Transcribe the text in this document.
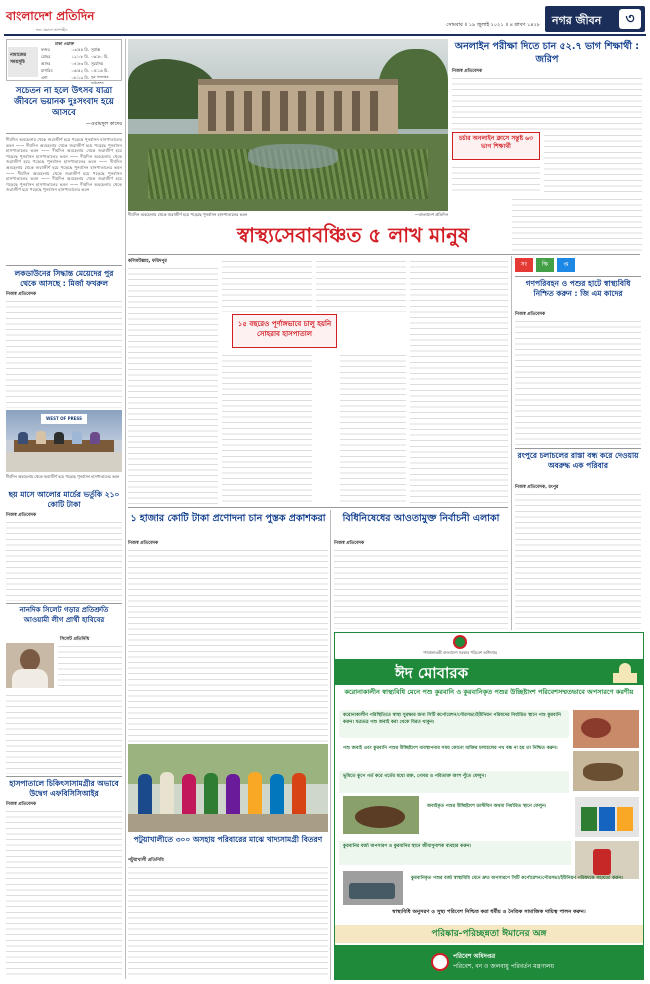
বাংলাদেশ প্রতিদিন
সত্য প্রকাশে আপসহীন
সোমবার ॥ ১৯ জুলাই ২০২১ ॥ ৪ শ্রাবণ ১৪২৮ নগর জীবন	৩
ঢাকা ওয়াক্ত
নামাজের সময়সূচি
ফজর	০৩:৫৫ মি.
যোহর	১২:০৮ মি.
আসর	০৪:৪৩ মি.
মাগরিব	০৬:৫২ মি.
এশা	০৮:১৯ মি.
সূর্যাস্ত
০৬:৫০ মি.
সূর্যোদয়
০৫:১৬ মি.
সূত্র: ইসলামিক ফাউন্ডেশন
সচেতন না হলে উৎসব যাত্রা জীবনে ভয়ানক দুঃসংবাদ হয়ে আসবে
—ওবায়দুল কাদের
দীর্ঘদিন অবহেলায় থেকে জরাজীর্ণ হয়ে পড়েছে পুনর্বাসন হাসপাতালের ভবন —— দীর্ঘদিন অবহেলায় থেকে জরাজীর্ণ হয়ে পড়েছে পুনর্বাসন হাসপাতালের ভবন —— দীর্ঘদিন অবহেলায় থেকে জরাজীর্ণ হয়ে পড়েছে পুনর্বাসন হাসপাতালের ভবন —— দীর্ঘদিন অবহেলায় থেকে জরাজীর্ণ হয়ে পড়েছে পুনর্বাসন হাসপাতালের ভবন —— দীর্ঘদিন অবহেলায় থেকে জরাজীর্ণ হয়ে পড়েছে পুনর্বাসন হাসপাতালের ভবন —— দীর্ঘদিন অবহেলায় থেকে জরাজীর্ণ হয়ে পড়েছে পুনর্বাসন হাসপাতালের ভবন —— দীর্ঘদিন অবহেলায় থেকে জরাজীর্ণ হয়ে পড়েছে পুনর্বাসন হাসপাতালের ভবন —— দীর্ঘদিন অবহেলায় থেকে জরাজীর্ণ হয়ে পড়েছে পুনর্বাসন হাসপাতালের ভবন
লকডাউনের সিদ্ধান্ত মেয়েদের পুর থেকে আসছে : মির্জা ফখরুল
নিজস্ব প্রতিবেদক
WEST OF PRESS
দীর্ঘদিন অবহেলায় থেকে জরাজীর্ণ হয়ে পড়েছে পুনর্বাসন হাসপাতালের ভবন
ছয় মাসে আলোর মার্চের ভর্তুকি ২১০ কোটি টাকা
নিজস্ব প্রতিবেদক
নানদিক সিলেট গড়ার প্রতিশ্রুতি আওয়ামী লীগ প্রার্থী হাবিবের
সিলেট প্রতিনিধি
হাসপাতালে চিকিৎসাসামগ্রীর অভাবে উদ্বেগ এফবিসিসিআইর
নিজস্ব প্রতিবেদক
দীর্ঘদিন অবহেলায় থেকে জরাজীর্ণ হয়ে পড়েছে পুনর্বাসন হাসপাতালের ভবন	—বাংলাদেশ প্রতিদিন
স্বাস্থ্যসেবাবঞ্চিত ৫ লাখ মানুষ
কলিমউল্লাহ, ফরিদপুর
১৫ বছরেও পূর্ণাঙ্গভাবে চালু হয়নি সোহরাব হাসপাতাল
১ হাজার কোটি টাকা প্রণোদনা চান পুস্তক প্রকাশকরা
নিজস্ব প্রতিবেদক
বিধিনিষেধের আওতামুক্ত নির্বাচনী এলাকা
নিজস্ব প্রতিবেদক
অনলাইন পরীক্ষা দিতে চান ৫২.৭ ভাগ শিক্ষার্থী : জরিপ
নিজস্ব প্রতিবেদক
চর্চার অনলাইন ক্লাসে সন্তুষ্ট ৬৩ ভাগ শিক্ষার্থী
সং	ক্ষি	প্ত
গণপরিবহন ও পশুর হাটে স্বাস্থ্যবিধি নিশ্চিত করুন : জি এম কাদের
নিজস্ব প্রতিবেদক
রংপুরে চলাচলের রাস্তা বন্ধ করে দেওয়ায় অবরুদ্ধ এক পরিবার
নিজস্ব প্রতিবেদক, রংপুর
পটুয়াখালীতে ৩০০ অসহায় পরিবারের মাঝে খাদ্যসামগ্রী বিতরণ
পটুয়াখালী প্রতিনিধি
গণপ্রজাতন্ত্রী বাংলাদেশ সরকার পরিবেশ অধিদপ্তর
ঈদ মোবারক
করোনাকালীন স্বাস্থ্যবিধি মেনে পশু কুরবানি ও কুরবানিকৃত পশুর উচ্ছিষ্টাংশ পরিবেশসম্মতভাবে অপসারণে করণীয়
করোনাকালীন পরিস্থিতিতে স্বাস্থ্য সুরক্ষার জন্য সিটি কর্পোরেশন/পৌরসভা/ইউনিয়ন পরিষদের নির্ধারিত স্থানে পশু কুরবানি করুন। যত্রতত্র পশু জবাই করা থেকে বিরত থাকুন।
পশু জবাই এবং কুরবানি পশুর উচ্ছিষ্টাংশ ব্যবস্থাপনার সময় কোনো ব্যক্তির চলাচলের পথ বন্ধ না হয় তা নিশ্চিত করুন।
ভূমিতে কুপে গর্ত করে গর্তের মধ্যে রক্ত, গোবর ও পরিত্যক্ত অংশ পুঁতে ফেলুন।
জবাইকৃত পশুর উচ্ছিষ্টাংশ ডাস্টবিন অথবা নির্ধারিত স্থানে ফেলুন।
কুরবানির বর্জ্য অপসারণ ও কুরবানির স্থানে জীবাণুনাশক ব্যবহার করুন।
কুরবানিকৃত পশুর বর্জ্য স্বাস্থ্যবিধি মেনে দ্রুত অপসারণে সিটি কর্পোরেশন/পৌরসভা/ইউনিয়ন পরিষদকে সহায়তা করুন।
স্বাস্থ্যবিধি অনুসরণ ও সুস্থ্য পরিবেশ নিশ্চিত করা ধর্মীয় ও নৈতিক সামাজিক দায়িত্ব পালন করুন।
পরিষ্কার-পরিচ্ছন্নতা ঈমানের অঙ্গ
পরিবেশ অধিদপ্তর
পরিবেশ, বন ও জলবায়ু পরিবর্তন মন্ত্রণালয়
